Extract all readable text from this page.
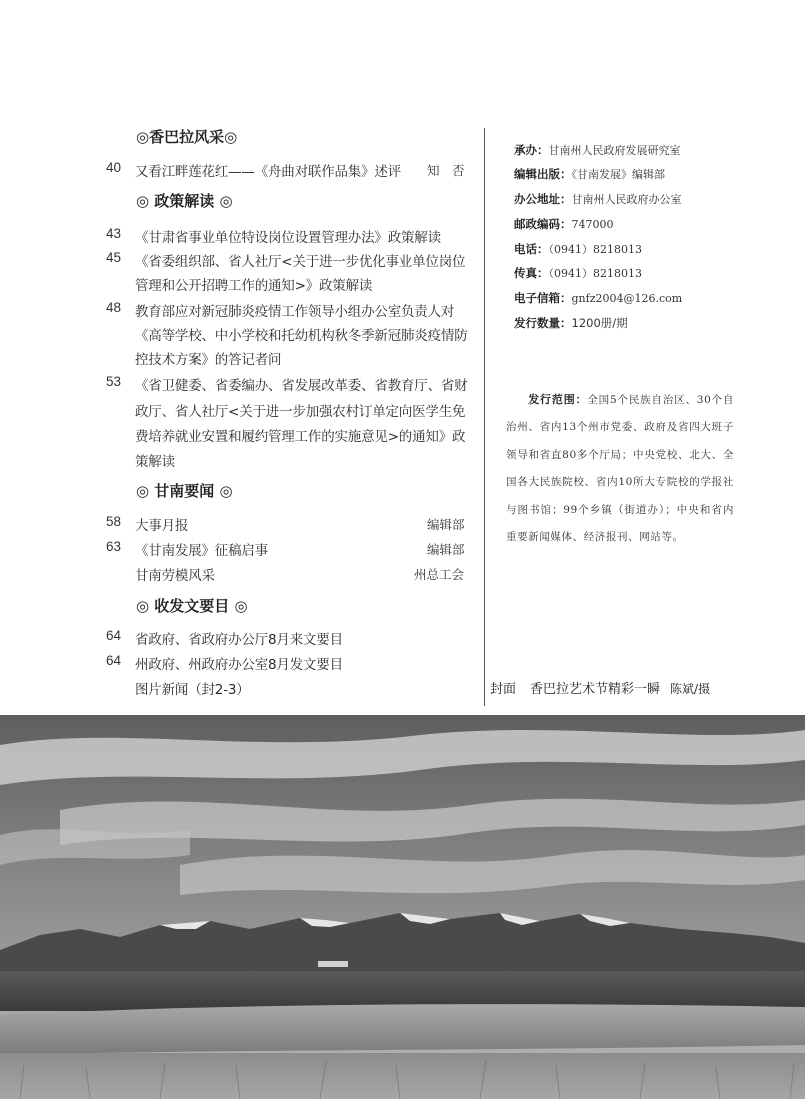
◎香巴拉风采◎
40 又看江畔莲花红——《舟曲对联作品集》述评 知　否
◎ 政策解读 ◎
43 《甘肃省事业单位特设岗位设置管理办法》政策解读
45 《省委组织部、省人社厅<关于进一步优化事业单位岗位
管理和公开招聘工作的通知>》政策解读
48 教育部应对新冠肺炎疫情工作领导小组办公室负责人对
《高等学校、中小学校和托幼机构秋冬季新冠肺炎疫情防
控技术方案》的答记者问
53 《省卫健委、省委编办、省发展改革委、省教育厅、省财
政厅、省人社厅<关于进一步加强农村订单定向医学生免
费培养就业安置和履约管理工作的实施意见>的通知》政
策解读
◎ 甘南要闻 ◎
58 大事月报	编辑部
63 《甘南发展》征稿启事	编辑部
甘南劳模风采	州总工会
◎ 收发文要目 ◎
64 省政府、省政府办公厅8月来文要目
64 州政府、州政府办公室8月发文要目
图片新闻（封2-3）
承办：甘南州人民政府发展研究室
编辑出版：《甘南发展》编辑部
办公地址：甘南州人民政府办公室
邮政编码：747000
电话：（0941）8218013
传真：（0941）8218013
电子信箱：gnfz2004@126.com
发行数量：1200册/期
发行范围：全国5个民族自治区、30个自治州、省内13个州市党委、政府及省四大班子领导和省直80多个厅局；中央党校、北大、全国各大民族院校、省内10所大专院校的学报社与图书馆；99个乡镇（街道办）；中央和省内重要新闻媒体、经济报刊、网站等。
封面 香巴拉艺术节精彩一瞬 陈斌/摄
